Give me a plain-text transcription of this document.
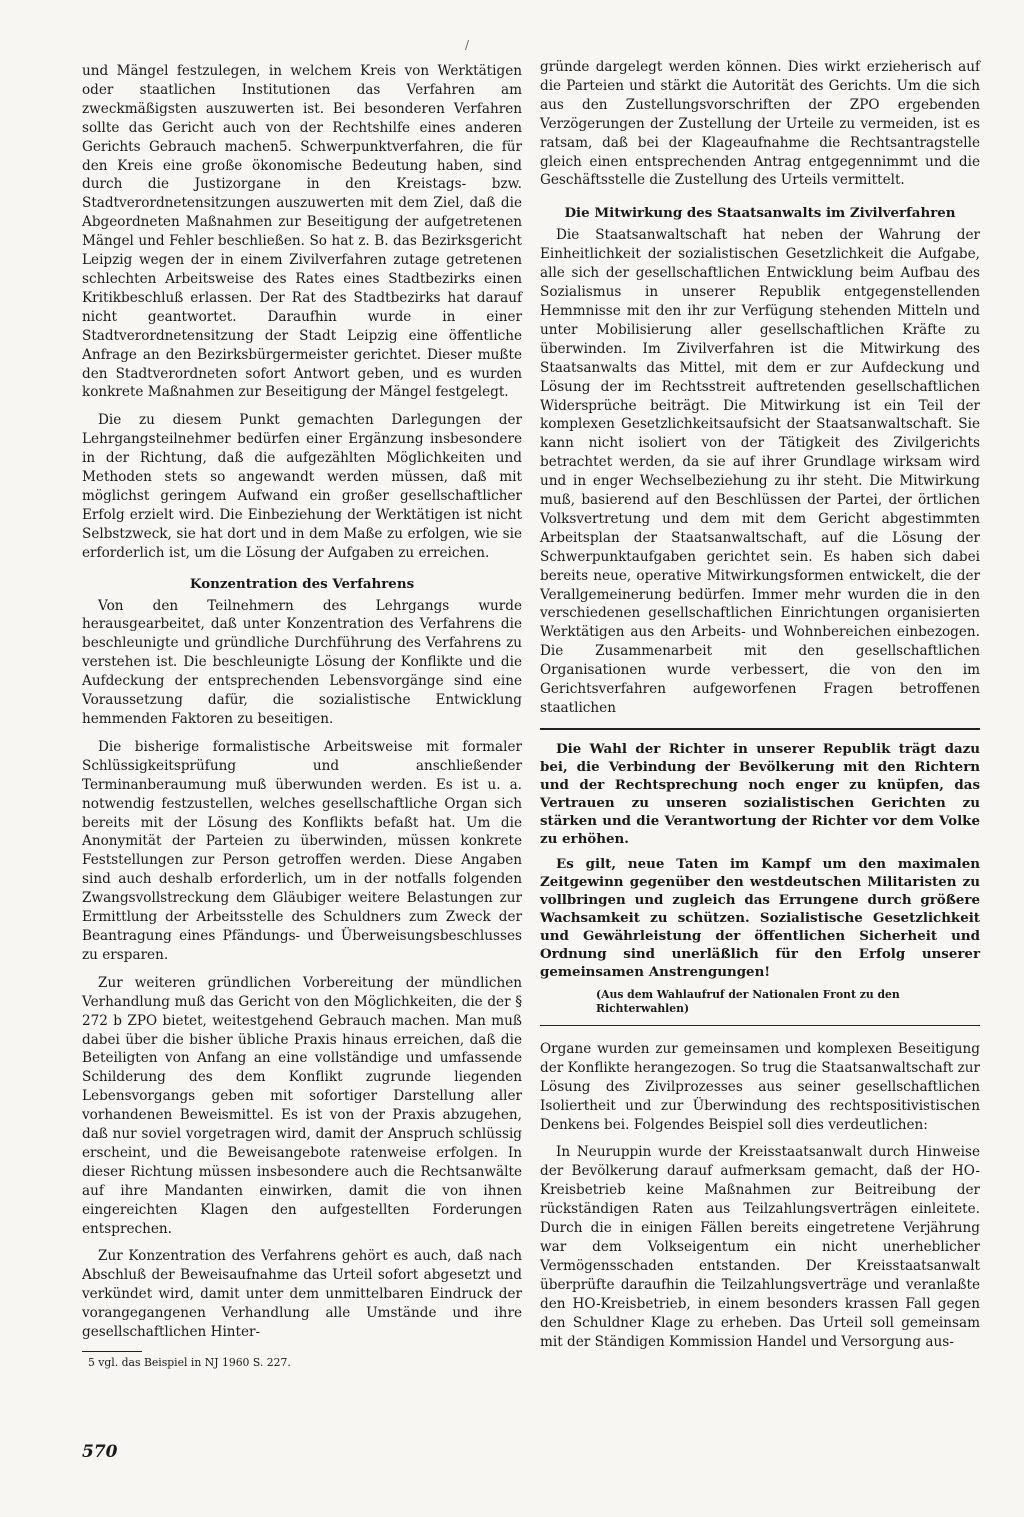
/

und Mängel festzulegen, in welchem Kreis von Werktätigen oder staatlichen Institutionen das Verfahren am zweckmäßigsten auszuwerten ist. Bei besonderen Verfahren sollte das Gericht auch von der Rechtshilfe eines anderen Gerichts Gebrauch machen5. Schwerpunktverfahren, die für den Kreis eine große ökonomische Bedeutung haben, sind durch die Justizorgane in den Kreistags- bzw. Stadtverordnetensitzungen auszuwerten mit dem Ziel, daß die Abgeordneten Maßnahmen zur Beseitigung der aufgetretenen Mängel und Fehler beschließen. So hat z. B. das Bezirksgericht Leipzig wegen der in einem Zivilverfahren zutage getretenen schlechten Arbeitsweise des Rates eines Stadtbezirks einen Kritikbeschluß erlassen. Der Rat des Stadtbezirks hat darauf nicht geantwortet. Daraufhin wurde in einer Stadtverordnetensitzung der Stadt Leipzig eine öffentliche Anfrage an den Bezirksbürgermeister gerichtet. Dieser mußte den Stadtverordneten sofort Antwort geben, und es wurden konkrete Maßnahmen zur Beseitigung der Mängel festgelegt.

Die zu diesem Punkt gemachten Darlegungen der Lehrgangsteilnehmer bedürfen einer Ergänzung insbesondere in der Richtung, daß die aufgezählten Möglichkeiten und Methoden stets so angewandt werden müssen, daß mit möglichst geringem Aufwand ein großer gesellschaftlicher Erfolg erzielt wird. Die Einbeziehung der Werktätigen ist nicht Selbstzweck, sie hat dort und in dem Maße zu erfolgen, wie sie erforderlich ist, um die Lösung der Aufgaben zu erreichen.

Konzentration des Verfahrens

Von den Teilnehmern des Lehrgangs wurde herausgearbeitet, daß unter Konzentration des Verfahrens die beschleunigte und gründliche Durchführung des Verfahrens zu verstehen ist. Die beschleunigte Lösung der Konflikte und die Aufdeckung der entsprechenden Lebensvorgänge sind eine Voraussetzung dafür, die sozialistische Entwicklung hemmenden Faktoren zu beseitigen.

Die bisherige formalistische Arbeitsweise mit formaler Schlüssigkeitsprüfung und anschließender Terminanberaumung muß überwunden werden. Es ist u. a. notwendig festzustellen, welches gesellschaftliche Organ sich bereits mit der Lösung des Konflikts befaßt hat. Um die Anonymität der Parteien zu überwinden, müssen konkrete Feststellungen zur Person getroffen werden. Diese Angaben sind auch deshalb erforderlich, um in der notfalls folgenden Zwangsvollstreckung dem Gläubiger weitere Belastungen zur Ermittlung der Arbeitsstelle des Schuldners zum Zweck der Beantragung eines Pfändungs- und Überweisungsbeschlusses zu ersparen.

Zur weiteren gründlichen Vorbereitung der mündlichen Verhandlung muß das Gericht von den Möglichkeiten, die der § 272 b ZPO bietet, weitestgehend Gebrauch machen. Man muß dabei über die bisher übliche Praxis hinaus erreichen, daß die Beteiligten von Anfang an eine vollständige und umfassende Schilderung des dem Konflikt zugrunde liegenden Lebensvorgangs geben mit sofortiger Darstellung aller vorhandenen Beweismittel. Es ist von der Praxis abzugehen, daß nur soviel vorgetragen wird, damit der Anspruch schlüssig erscheint, und die Beweisangebote ratenweise erfolgen. In dieser Richtung müssen insbesondere auch die Rechtsanwälte auf ihre Mandanten einwirken, damit die von ihnen eingereichten Klagen den aufgestellten Forderungen entsprechen.

Zur Konzentration des Verfahrens gehört es auch, daß nach Abschluß der Beweisaufnahme das Urteil sofort abgesetzt und verkündet wird, damit unter dem unmittelbaren Eindruck der vorangegangenen Verhandlung alle Umstände und ihre gesellschaftlichen Hinter-

5 vgl. das Beispiel in NJ 1960 S. 227.

gründe dargelegt werden können. Dies wirkt erzieherisch auf die Parteien und stärkt die Autorität des Gerichts. Um die sich aus den Zustellungsvorschriften der ZPO ergebenden Verzögerungen der Zustellung der Urteile zu vermeiden, ist es ratsam, daß bei der Klageaufnahme die Rechtsantragstelle gleich einen entsprechenden Antrag entgegennimmt und die Geschäftsstelle die Zustellung des Urteils vermittelt.

Die Mitwirkung des Staatsanwalts im Zivilverfahren

Die Staatsanwaltschaft hat neben der Wahrung der Einheitlichkeit der sozialistischen Gesetzlichkeit die Aufgabe, alle sich der gesellschaftlichen Entwicklung beim Aufbau des Sozialismus in unserer Republik entgegenstellenden Hemmnisse mit den ihr zur Verfügung stehenden Mitteln und unter Mobilisierung aller gesellschaftlichen Kräfte zu überwinden. Im Zivilverfahren ist die Mitwirkung des Staatsanwalts das Mittel, mit dem er zur Aufdeckung und Lösung der im Rechtsstreit auftretenden gesellschaftlichen Widersprüche beiträgt. Die Mitwirkung ist ein Teil der komplexen Gesetzlichkeitsaufsicht der Staatsanwaltschaft. Sie kann nicht isoliert von der Tätigkeit des Zivilgerichts betrachtet werden, da sie auf ihrer Grundlage wirksam wird und in enger Wechselbeziehung zu ihr steht. Die Mitwirkung muß, basierend auf den Beschlüssen der Partei, der örtlichen Volksvertretung und dem mit dem Gericht abgestimmten Arbeitsplan der Staatsanwaltschaft, auf die Lösung der Schwerpunktaufgaben gerichtet sein. Es haben sich dabei bereits neue, operative Mitwirkungsformen entwickelt, die der Verallgemeinerung bedürfen. Immer mehr wurden die in den verschiedenen gesellschaftlichen Einrichtungen organisierten Werktätigen aus den Arbeits- und Wohnbereichen einbezogen. Die Zusammenarbeit mit den gesellschaftlichen Organisationen wurde verbessert, die von den im Gerichtsverfahren aufgeworfenen Fragen betroffenen staatlichen

Die Wahl der Richter in unserer Republik trägt dazu bei, die Verbindung der Bevölkerung mit den Richtern und der Rechtsprechung noch enger zu knüpfen, das Vertrauen zu unseren sozialistischen Gerichten zu stärken und die Verantwortung der Richter vor dem Volke zu erhöhen.

Es gilt, neue Taten im Kampf um den maximalen Zeitgewinn gegenüber den westdeutschen Militaristen zu vollbringen und zugleich das Errungene durch größere Wachsamkeit zu schützen. Sozialistische Gesetzlichkeit und Gewährleistung der öffentlichen Sicherheit und Ordnung sind unerläßlich für den Erfolg unserer gemeinsamen Anstrengungen!

(Aus dem Wahlaufruf der Nationalen Front zu den Richterwahlen)

Organe wurden zur gemeinsamen und komplexen Beseitigung der Konflikte herangezogen. So trug die Staatsanwaltschaft zur Lösung des Zivilprozesses aus seiner gesellschaftlichen Isoliertheit und zur Überwindung des rechtspositivistischen Denkens bei. Folgendes Beispiel soll dies verdeutlichen:

In Neuruppin wurde der Kreisstaatsanwalt durch Hinweise der Bevölkerung darauf aufmerksam gemacht, daß der HO-Kreisbetrieb keine Maßnahmen zur Beitreibung der rückständigen Raten aus Teilzahlungsverträgen einleitete. Durch die in einigen Fällen bereits eingetretene Verjährung war dem Volkseigentum ein nicht unerheblicher Vermögensschaden entstanden. Der Kreisstaatsanwalt überprüfte daraufhin die Teilzahlungsverträge und veranlaßte den HO-Kreisbetrieb, in einem besonders krassen Fall gegen den Schuldner Klage zu erheben. Das Urteil soll gemeinsam mit der Ständigen Kommission Handel und Versorgung aus-

570
